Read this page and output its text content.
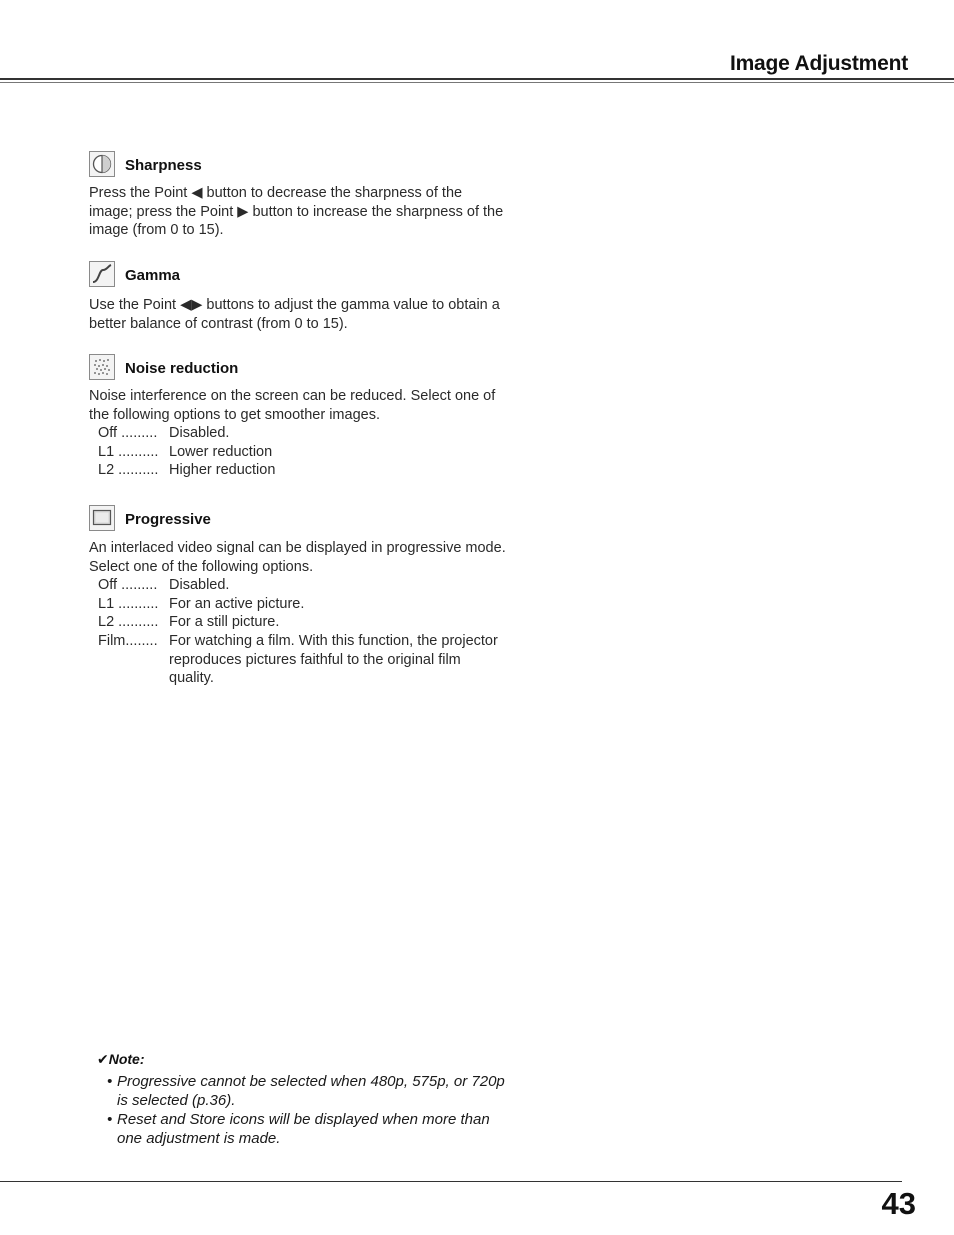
Image Adjustment
Sharpness

Press the Point ◀ button to decrease the sharpness of the image; press the Point ▶ button to increase the sharpness of the image (from 0 to 15).

Gamma

Use the Point ◀▶ buttons to adjust the gamma value to obtain a better balance of contrast (from 0 to 15).

Noise reduction

Noise interference on the screen can be reduced. Select one of the following options to get smoother images.

Off ......... Disabled.
L1 .......... Lower reduction
L2 .......... Higher reduction
Progressive

An interlaced video signal can be displayed in progressive mode. Select one of the following options.

Off ......... Disabled.
L1 .......... For an active picture.
L2 .......... For a still picture.
Film........ For watching a film. With this function, the projector reproduces pictures faithful to the original film quality.
✔Note:
• Progressive cannot be selected when 480p, 575p, or 720p is selected (p.36).
• Reset and Store icons will be displayed when more than one adjustment is made.
43
